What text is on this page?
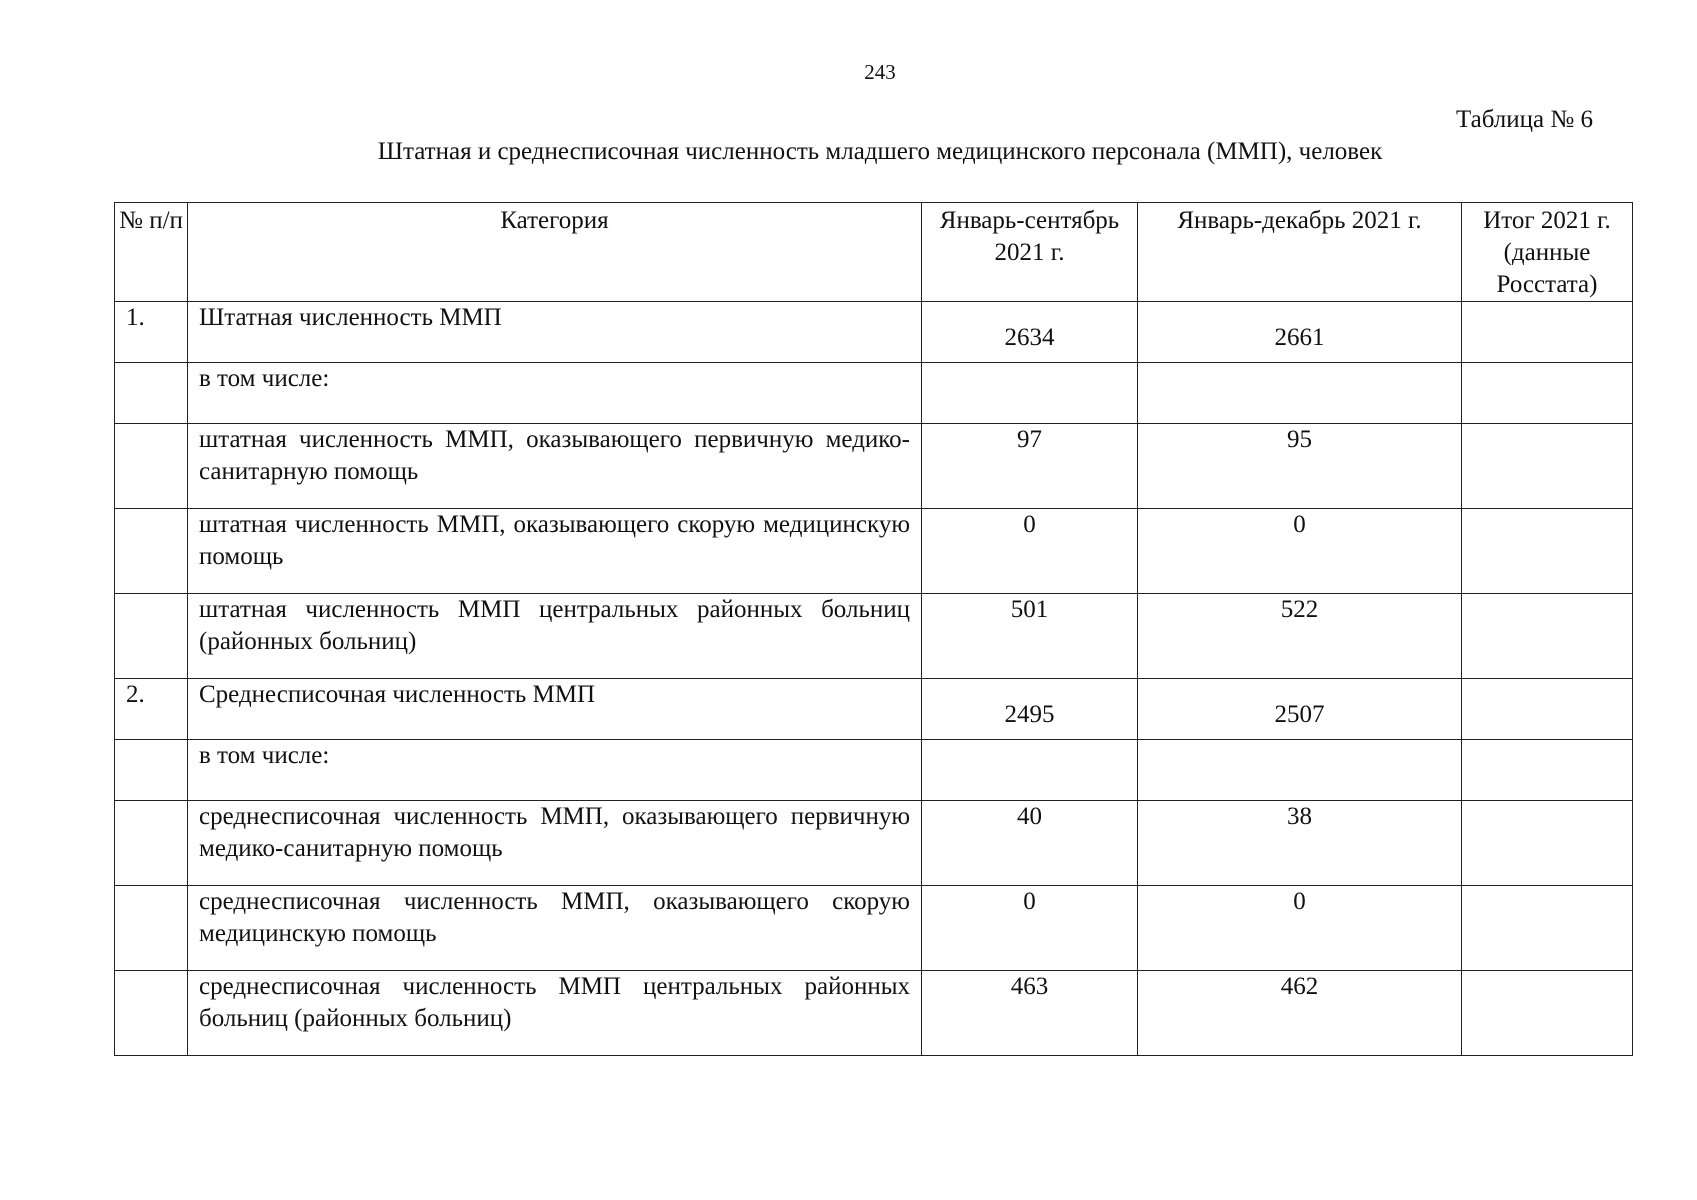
243
Таблица № 6
Штатная и среднесписочная численность младшего медицинского персонала (ММП), человек
№ п/п	Категория	Январь-сентябрь 2021 г.	Январь-декабрь 2021 г.	Итог 2021 г. (данные Росстата)
1.	Штатная численность ММП	2634	2661	
	в том числе:			
	штатная численность ММП, оказывающего первичную медико-санитарную помощь	97	95	
	штатная численность ММП, оказывающего скорую медицинскую помощь	0	0	
	штатная численность ММП центральных районных больниц (районных больниц)	501	522	
2.	Среднесписочная численность ММП	2495	2507	
	в том числе:			
	среднесписочная численность ММП, оказывающего первичную медико-санитарную помощь	40	38	
	среднесписочная численность ММП, оказывающего скорую медицинскую помощь	0	0	
	среднесписочная численность ММП центральных районных больниц (районных больниц)	463	462	
